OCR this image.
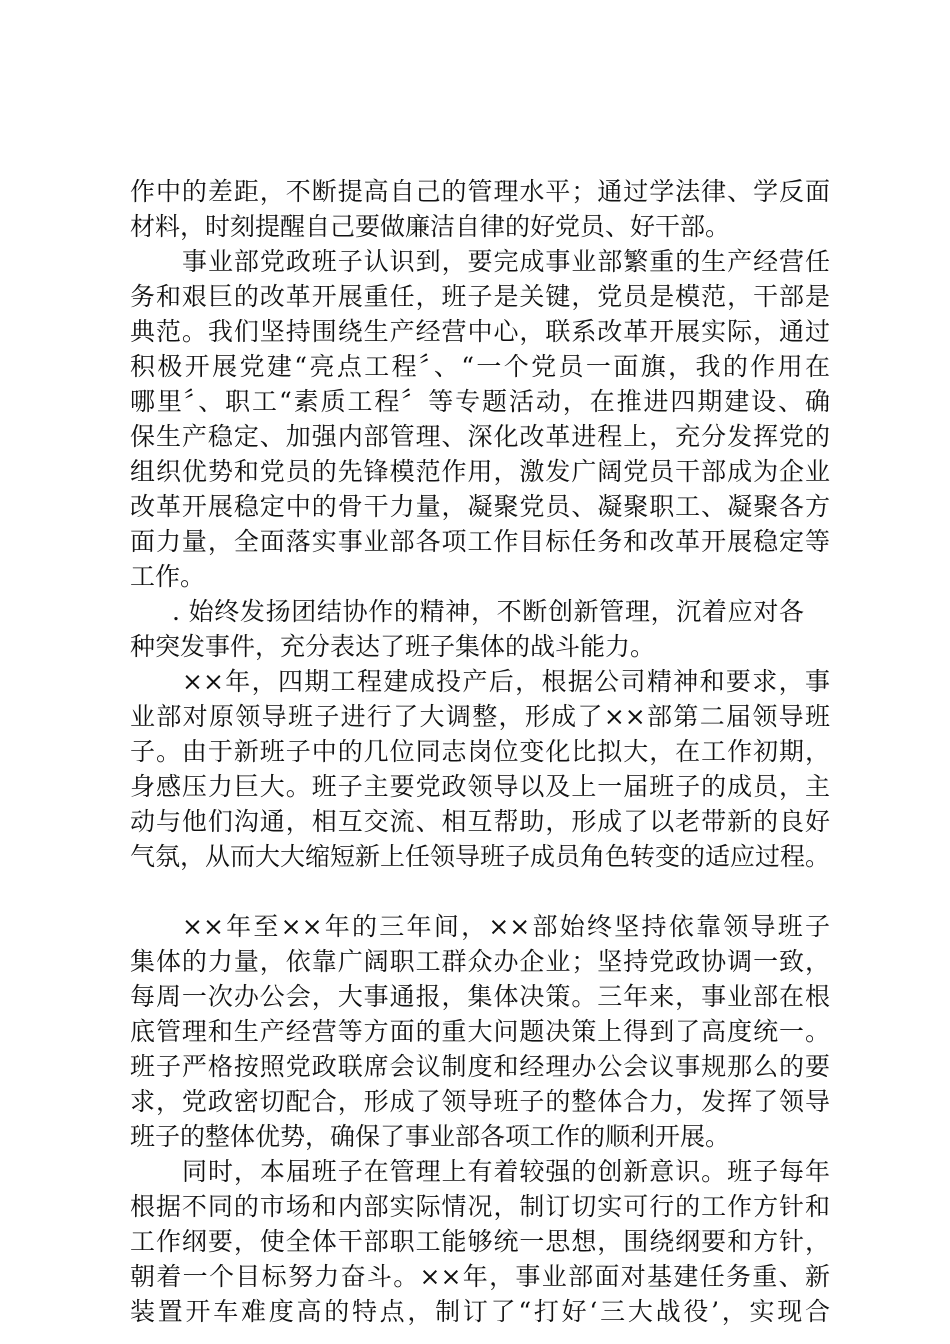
作中的差距，不断提高自己的管理水平；通过学法律、学反面

材料，时刻提醒自己要做廉洁自律的好党员、好干部。

事业部党政班子认识到，要完成事业部繁重的生产经营任

务和艰巨的改革开展重任，班子是关键，党员是模范，干部是

典范。我们坚持围绕生产经营中心，联系改革开展实际，通过

积极开展党建“亮点工程〞、“一个党员一面旗，我的作用在

哪里〞、职工“素质工程〞等专题活动，在推进四期建设、确

保生产稳定、加强内部管理、深化改革进程上，充分发挥党的

组织优势和党员的先锋模范作用，激发广阔党员干部成为企业

改革开展稳定中的骨干力量，凝聚党员、凝聚职工、凝聚各方

面力量，全面落实事业部各项工作目标任务和改革开展稳定等

工作。

. 始终发扬团结协作的精神，不断创新管理，沉着应对各

种突发事件，充分表达了班子集体的战斗能力。

××年，四期工程建成投产后，根据公司精神和要求，事

业部对原领导班子进行了大调整，形成了××部第二届领导班

子。由于新班子中的几位同志岗位变化比拟大，在工作初期，

身感压力巨大。班子主要党政领导以及上一届班子的成员，主

动与他们沟通，相互交流、相互帮助，形成了以老带新的良好

气氛，从而大大缩短新上任领导班子成员角色转变的适应过程。

××年至××年的三年间，××部始终坚持依靠领导班子

集体的力量，依靠广阔职工群众办企业；坚持党政协调一致，

每周一次办公会，大事通报，集体决策。三年来，事业部在根

底管理和生产经营等方面的重大问题决策上得到了高度统一。

班子严格按照党政联席会议制度和经理办公会议事规那么的要

求，党政密切配合，形成了领导班子的整体合力，发挥了领导

班子的整体优势，确保了事业部各项工作的顺利开展。

同时，本届班子在管理上有着较强的创新意识。班子每年

根据不同的市场和内部实际情况，制订切实可行的工作方针和

工作纲要，使全体干部职工能够统一思想，围绕纲要和方针，

朝着一个目标努力奋斗。××年，事业部面对基建任务重、新

装置开车难度高的特点，制订了“打好‘三大战役’，实现合
